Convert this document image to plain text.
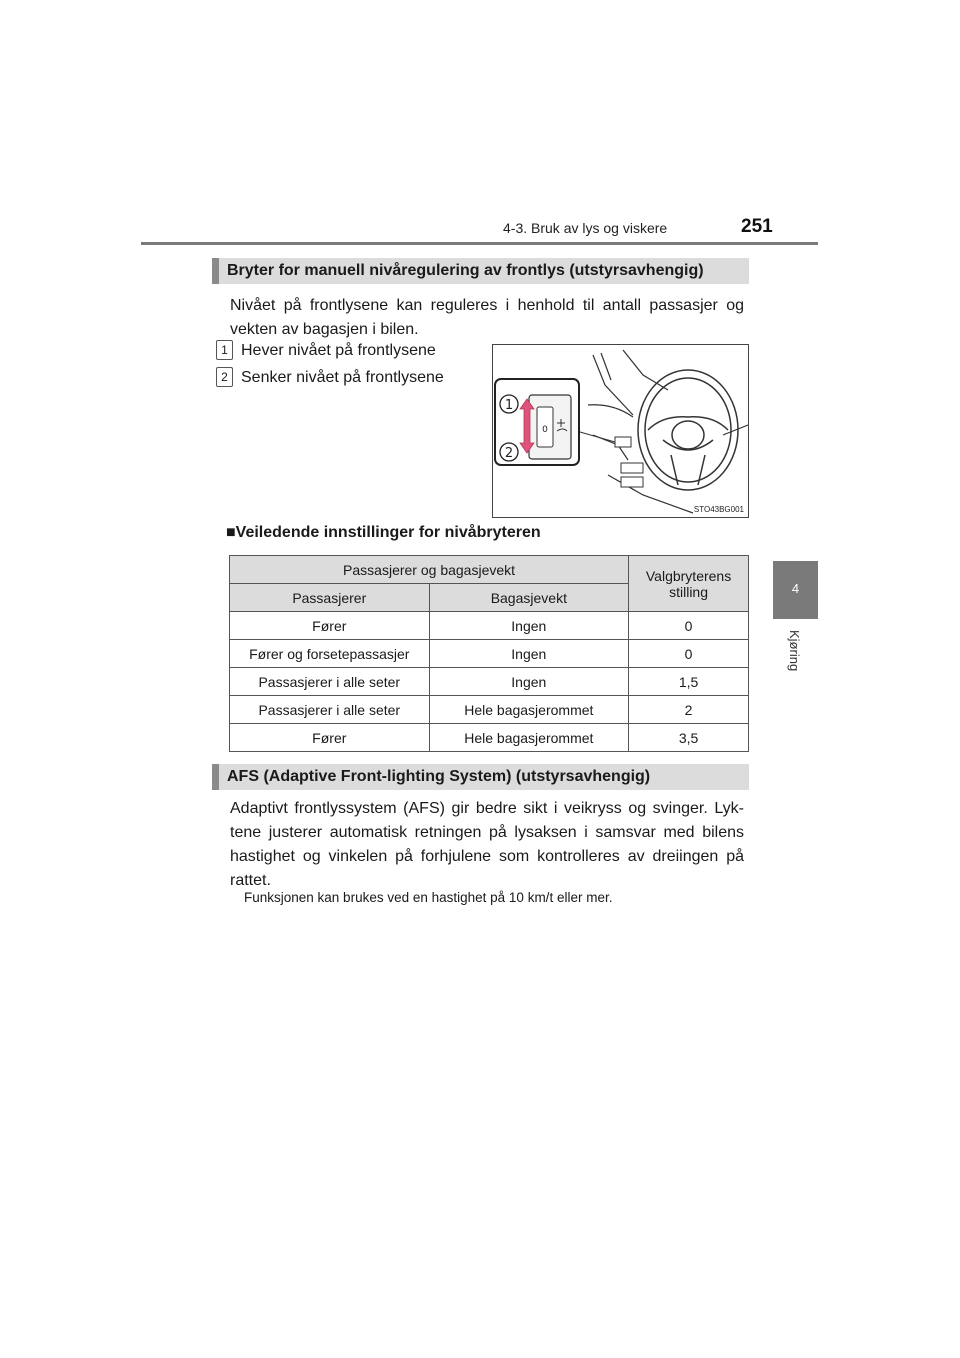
4-3. Bruk av lys og viskere	251
4
Kjøring
Bryter for manuell nivåregulering av frontlys (utstyrsavhengig)
Nivået på frontlysene kan reguleres i henhold til antall passasjer og vekten av bagasjen i bilen.
1 Hever nivået på frontlysene
2 Senker nivået på frontlysene
0
1
2
STO43BG001
■Veiledende innstillinger for nivåbryteren
Passasjerer og bagasjevekt		Valgbryterens stilling
Passasjerer	Bagasjevekt	
Fører	Ingen	0
Fører og forsetepassasjer	Ingen	0
Passasjerer i alle seter	Ingen	1,5
Passasjerer i alle seter	Hele bagasjerommet	2
Fører	Hele bagasjerommet	3,5
AFS (Adaptive Front-lighting System) (utstyrsavhengig)
Adaptivt frontlyssystem (AFS) gir bedre sikt i veikryss og svinger. Lyk-tene justerer automatisk retningen på lysaksen i samsvar med bilens hastighet og vinkelen på forhjulene som kontrolleres av dreiingen på rattet.
Funksjonen kan brukes ved en hastighet på 10 km/t eller mer.
